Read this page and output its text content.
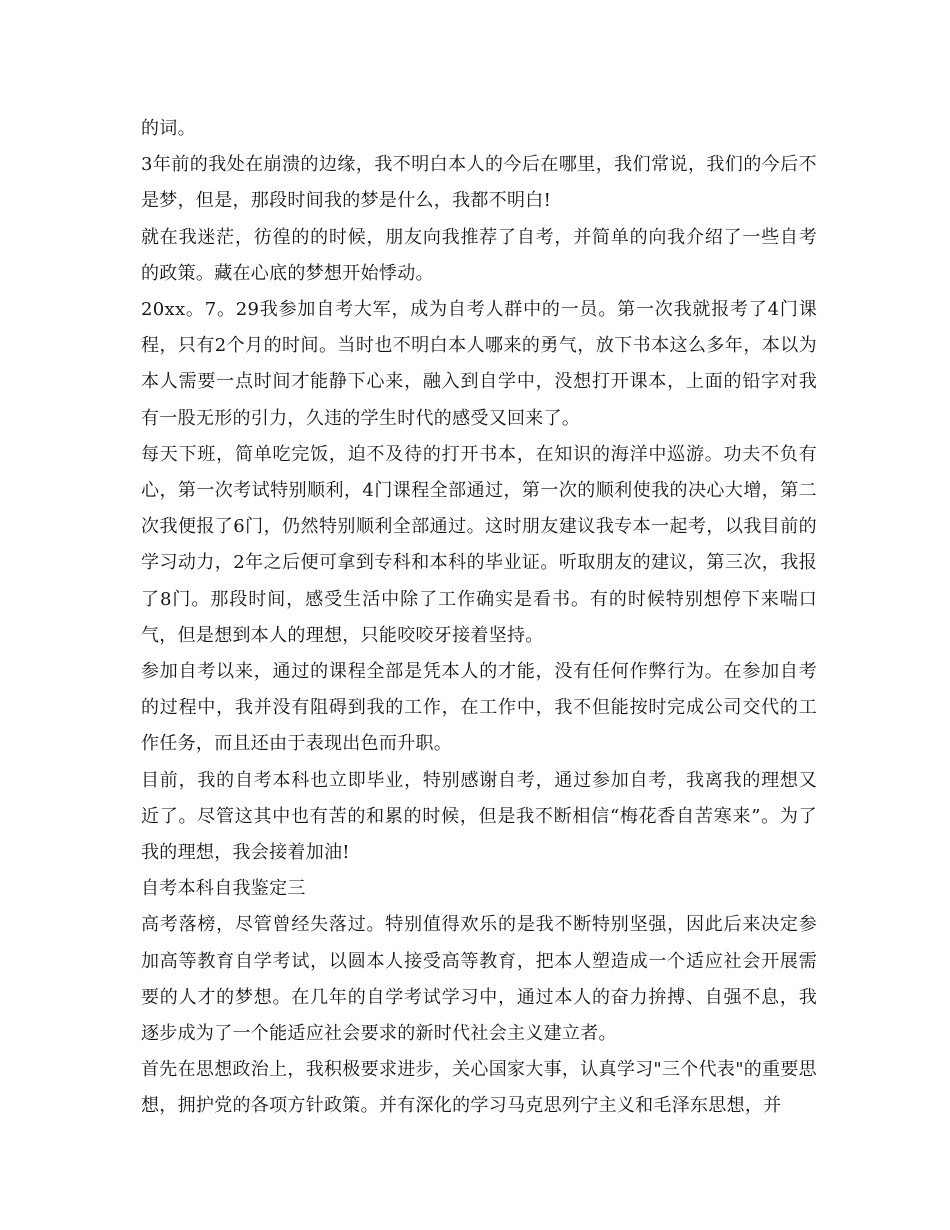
的词。

3年前的我处在崩溃的边缘，我不明白本人的今后在哪里，我们常说，我们的今后不是梦，但是，那段时间我的梦是什么，我都不明白!

就在我迷茫，彷徨的的时候，朋友向我推荐了自考，并简单的向我介绍了一些自考的政策。藏在心底的梦想开始悸动。

20xx。7。29我参加自考大军，成为自考人群中的一员。第一次我就报考了4门课程，只有2个月的时间。当时也不明白本人哪来的勇气，放下书本这么多年，本以为本人需要一点时间才能静下心来，融入到自学中，没想打开课本，上面的铅字对我有一股无形的引力，久违的学生时代的感受又回来了。

每天下班，简单吃完饭，迫不及待的打开书本，在知识的海洋中巡游。功夫不负有心，第一次考试特别顺利，4门课程全部通过，第一次的顺利使我的决心大增，第二次我便报了6门，仍然特别顺利全部通过。这时朋友建议我专本一起考，以我目前的学习动力，2年之后便可拿到专科和本科的毕业证。听取朋友的建议，第三次，我报了8门。那段时间，感受生活中除了工作确实是看书。有的时候特别想停下来喘口气，但是想到本人的理想，只能咬咬牙接着坚持。

参加自考以来，通过的课程全部是凭本人的才能，没有任何作弊行为。在参加自考的过程中，我并没有阻碍到我的工作，在工作中，我不但能按时完成公司交代的工作任务，而且还由于表现出色而升职。

目前，我的自考本科也立即毕业，特别感谢自考，通过参加自考，我离我的理想又近了。尽管这其中也有苦的和累的时候，但是我不断相信“梅花香自苦寒来”。为了我的理想，我会接着加油!

自考本科自我鉴定三

高考落榜，尽管曾经失落过。特别值得欢乐的是我不断特别坚强，因此后来决定参加高等教育自学考试，以圆本人接受高等教育，把本人塑造成一个适应社会开展需要的人才的梦想。在几年的自学考试学习中，通过本人的奋力拚搏、自强不息，我逐步成为了一个能适应社会要求的新时代社会主义建立者。

首先在思想政治上，我积极要求进步，关心国家大事，认真学习"三个代表"的重要思想，拥护党的各项方针政策。并有深化的学习马克思列宁主义和毛泽东思想，并
